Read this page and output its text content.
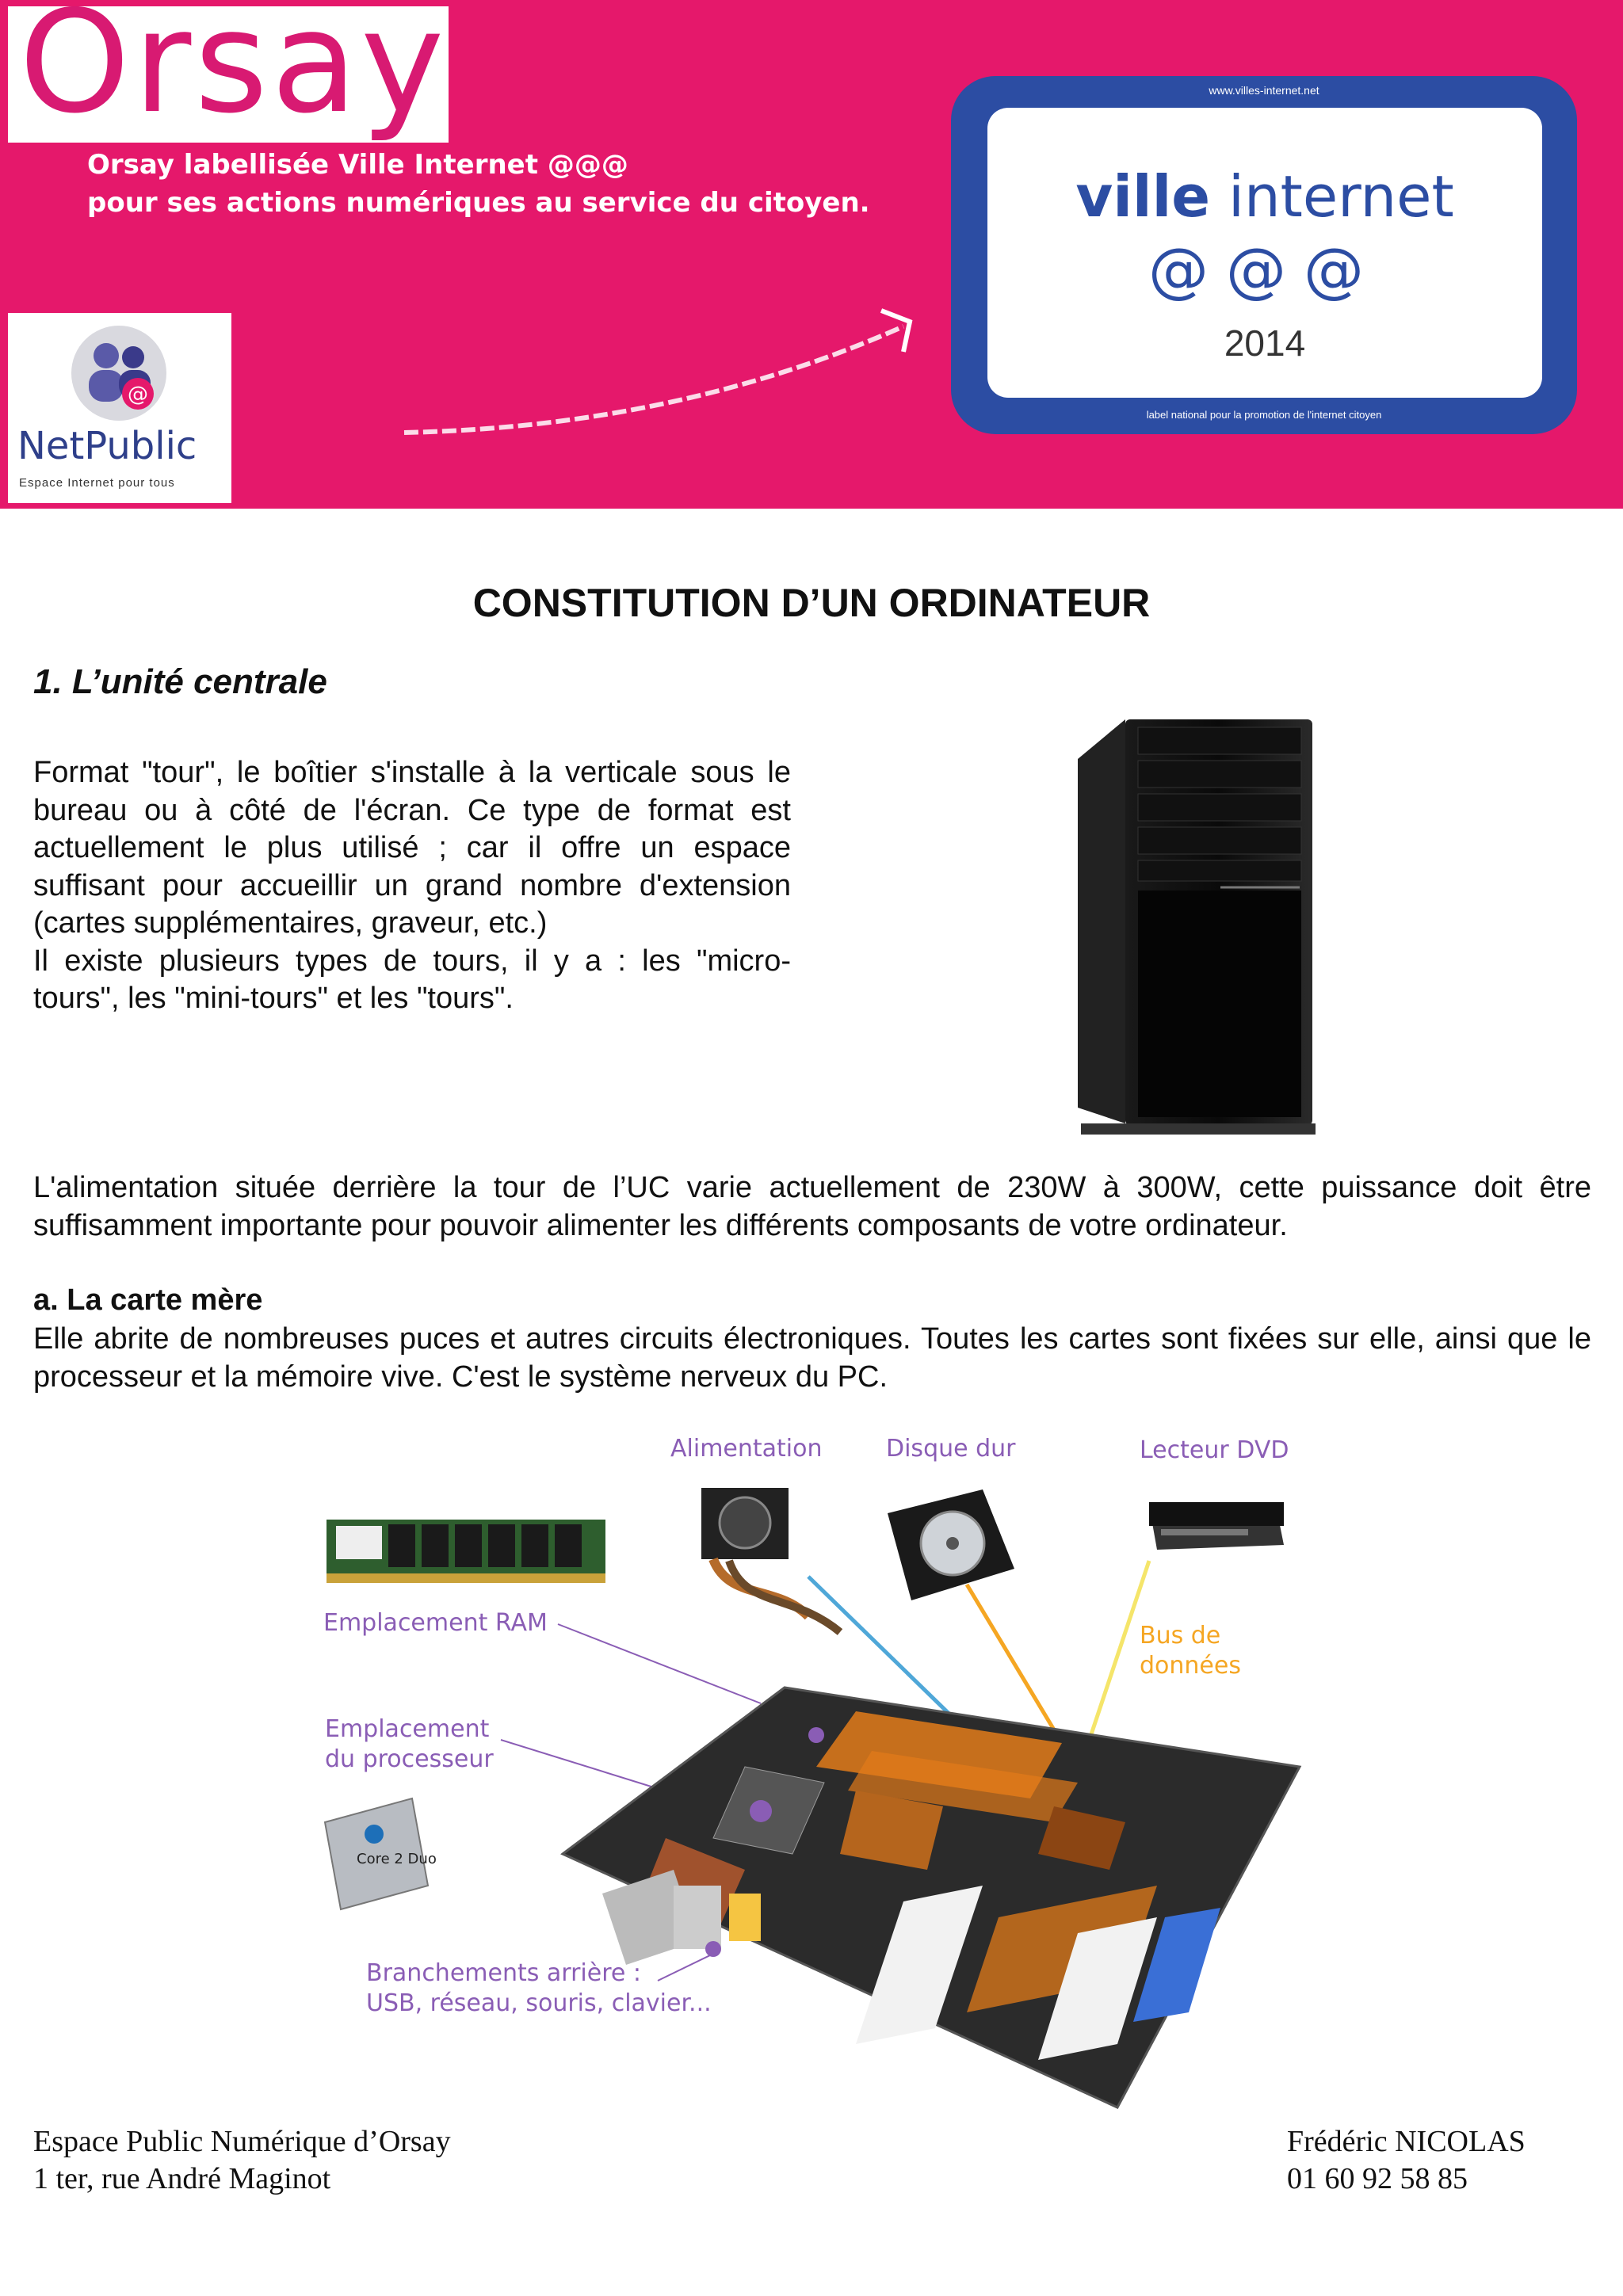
Orsay
Orsay labellisée Ville Internet @@@
pour ses actions numériques au service du citoyen.
@
NetPublic
Espace Internet pour tous
www.villes-internet.net
ville internet
@@@
2014
label national pour la promotion de l'internet citoyen
CONSTITUTION D’UN ORDINATEUR
1. L’unité centrale

Format "tour", le boîtier s'installe à la verticale sous le bureau ou à côté de l'écran. Ce type de format est actuellement le plus utilisé ; car il offre un espace suffisant pour accueillir un grand nombre d'extension (cartes supplémentaires, graveur, etc.)

Il existe plusieurs types de tours, il y a : les "micro-tours", les "mini-tours" et les "tours".

L'alimentation située derrière la tour de l’UC varie actuellement de 230W à 300W, cette puissance doit être suffisamment importante pour pouvoir alimenter les différents composants de votre ordinateur.
a. La carte mère
Elle abrite de nombreuses puces et autres circuits électroniques. Toutes les cartes sont fixées sur elle, ainsi que le processeur et la mémoire vive. C'est le système nerveux du PC.
Core 2 Duo
Alimentation	Disque dur	Lecteur DVD
Emplacement RAM	Bus de
données
Emplacement
du processeur
Branchements arrière :
USB, réseau, souris, clavier...
Espace Public Numérique d’Orsay
1 ter, rue André Maginot
Frédéric NICOLAS
01 60 92 58 85
